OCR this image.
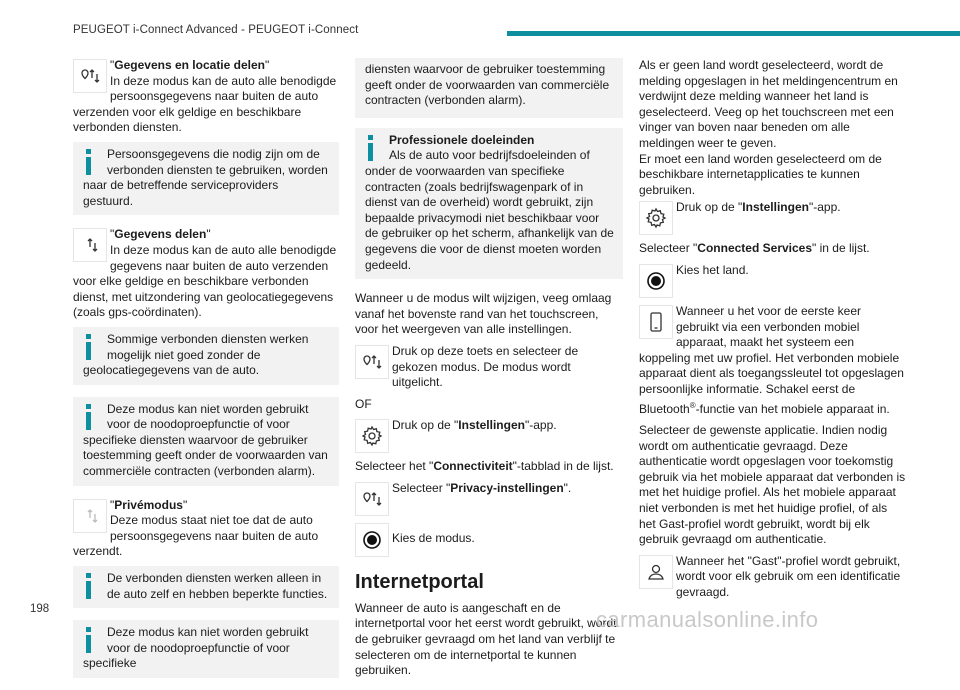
PEUGEOT i-Connect Advanced - PEUGEOT i-Connect
"Gegevens en locatie delen"
In deze modus kan de auto alle benodigde persoonsgegevens naar buiten de auto verzenden voor elk geldige en beschikbare verbonden diensten.
Persoonsgegevens die nodig zijn om de verbonden diensten te gebruiken, worden naar de betreffende serviceproviders gestuurd.
"Gegevens delen"
In deze modus kan de auto alle benodigde gegevens naar buiten de auto verzenden voor elke geldige en beschikbare verbonden dienst, met uitzondering van geolocatiegegevens (zoals gps-coördinaten).
Sommige verbonden diensten werken mogelijk niet goed zonder de geolocatiegegevens van de auto.
Deze modus kan niet worden gebruikt voor de noodoproepfunctie of voor specifieke diensten waarvoor de gebruiker toestemming geeft onder de voorwaarden van commerciële contracten (verbonden alarm).
"Privémodus"
Deze modus staat niet toe dat de auto persoonsgegevens naar buiten de auto verzendt.
De verbonden diensten werken alleen in de auto zelf en hebben beperkte functies.
Deze modus kan niet worden gebruikt voor de noodoproepfunctie of voor specifieke
diensten waarvoor de gebruiker toestemming geeft onder de voorwaarden van commerciële contracten (verbonden alarm).
Professionele doeleinden
Als de auto voor bedrijfsdoeleinden of onder de voorwaarden van specifieke contracten (zoals bedrijfswagenpark of in dienst van de overheid) wordt gebruikt, zijn bepaalde privacymodi niet beschikbaar voor de gebruiker op het scherm, afhankelijk van de gegevens die voor de dienst moeten worden gedeeld.
Wanneer u de modus wilt wijzigen, veeg omlaag vanaf het bovenste rand van het touchscreen, voor het weergeven van alle instellingen.
Druk op deze toets en selecteer de gekozen modus. De modus wordt uitgelicht.
OF
Druk op de "Instellingen"-app.
Selecteer het "Connectiviteit"-tabblad in de lijst.
Selecteer "Privacy-instellingen".
Kies de modus.
Internetportal
Wanneer de auto is aangeschaft en de internetportal voor het eerst wordt gebruikt, wordt de gebruiker gevraagd om het land van verblijf te selecteren om de internetportal te kunnen gebruiken.
Als er geen land wordt geselecteerd, wordt de melding opgeslagen in het meldingencentrum en verdwijnt deze melding wanneer het land is geselecteerd. Veeg op het touchscreen met een vinger van boven naar beneden om alle meldingen weer te geven.
Er moet een land worden geselecteerd om de beschikbare internetapplicaties te kunnen gebruiken.
Druk op de "Instellingen"-app.
Selecteer "Connected Services" in de lijst.
Kies het land.
Wanneer u het voor de eerste keer gebruikt via een verbonden mobiel apparaat, maakt het systeem een koppeling met uw profiel. Het verbonden mobiele apparaat dient als toegangssleutel tot opgeslagen persoonlijke informatie. Schakel eerst de Bluetooth®-functie van het mobiele apparaat in.
Selecteer de gewenste applicatie. Indien nodig wordt om authenticatie gevraagd. Deze authenticatie wordt opgeslagen voor toekomstig gebruik via het mobiele apparaat dat verbonden is met het huidige profiel. Als het mobiele apparaat niet verbonden is met het huidige profiel, of als het Gast-profiel wordt gebruikt, wordt bij elk gebruik gevraagd om authenticatie.
Wanneer het "Gast"-profiel wordt gebruikt, wordt voor elk gebruik om een identificatie gevraagd.
198	carmanualsonline.info
